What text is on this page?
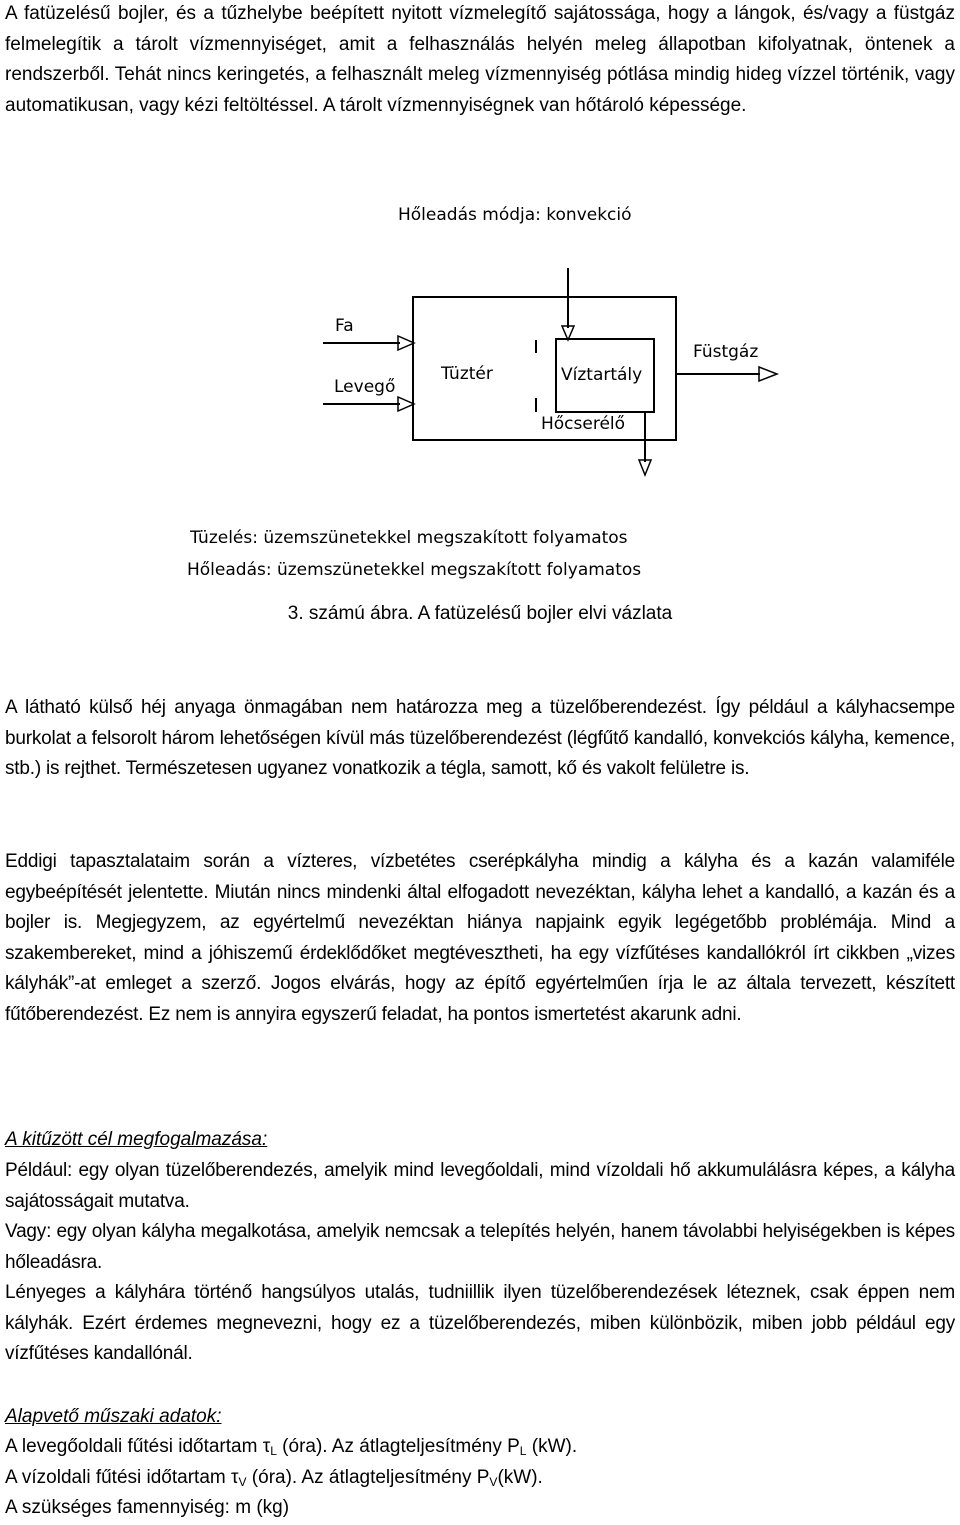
A fatüzelésű bojler, és a tűzhelybe beépített nyitott vízmelegítő sajátossága, hogy a lángok, és/vagy a füstgáz felmelegítik a tárolt vízmennyiséget, amit a felhasználás helyén meleg állapotban kifolyatnak, öntenek a rendszerből. Tehát nincs keringetés, a felhasznált meleg vízmennyiség pótlása mindig hideg vízzel történik, vagy automatikusan, vagy kézi feltöltéssel. A tárolt vízmennyiségnek van hőtároló képessége.

Hőleadás módja: konvekció
Fa
Levegő
Tüztér	Víztartály
Hőcserélő
Füstgáz
Tüzelés: üzemszünetekkel megszakított folyamatos
Hőleadás: üzemszünetekkel megszakított folyamatos

3. számú ábra. A fatüzelésű bojler elvi vázlata

A látható külső héj anyaga önmagában nem határozza meg a tüzelőberendezést. Így például a kályhacsempe burkolat a felsorolt három lehetőségen kívül más tüzelőberendezést (légfűtő kandalló, konvekciós kályha, kemence, stb.) is rejthet. Természetesen ugyanez vonatkozik a tégla, samott, kő és vakolt felületre is.

Eddigi tapasztalataim során a vízteres, vízbetétes cserépkályha mindig a kályha és a kazán valamiféle egybeépítését jelentette. Miután nincs mindenki által elfogadott nevezéktan, kályha lehet a kandalló, a kazán és a bojler is. Megjegyzem, az egyértelmű nevezéktan hiánya napjaink egyik legégetőbb problémája. Mind a szakembereket, mind a jóhiszemű érdeklődőket megtévesztheti, ha egy vízfűtéses kandallókról írt cikkben „vizes kályhák”-at emleget a szerző. Jogos elvárás, hogy az építő egyértelműen írja le az általa tervezett, készített fűtőberendezést. Ez nem is annyira egyszerű feladat, ha pontos ismertetést akarunk adni.

A kitűzött cél megfogalmazása:

Például: egy olyan tüzelőberendezés, amelyik mind levegőoldali, mind vízoldali hő akkumulálásra képes, a kályha sajátosságait mutatva.

Vagy: egy olyan kályha megalkotása, amelyik nemcsak a telepítés helyén, hanem távolabbi helyiségekben is képes hőleadásra.

Lényeges a kályhára történő hangsúlyos utalás, tudniillik ilyen tüzelőberendezések léteznek, csak éppen nem kályhák. Ezért érdemes megnevezni, hogy ez a tüzelőberendezés, miben különbözik, miben jobb például egy vízfűtéses kandallónál.

Alapvető műszaki adatok:

A levegőoldali fűtési időtartam $\tau_L$ (óra). Az átlagteljesítmény $P_L$ (kW).

A vízoldali fűtési időtartam $\tau_V$ (óra). Az átlagteljesítmény $P_V(kW)$.

A szükséges famennyiség: m (kg)
